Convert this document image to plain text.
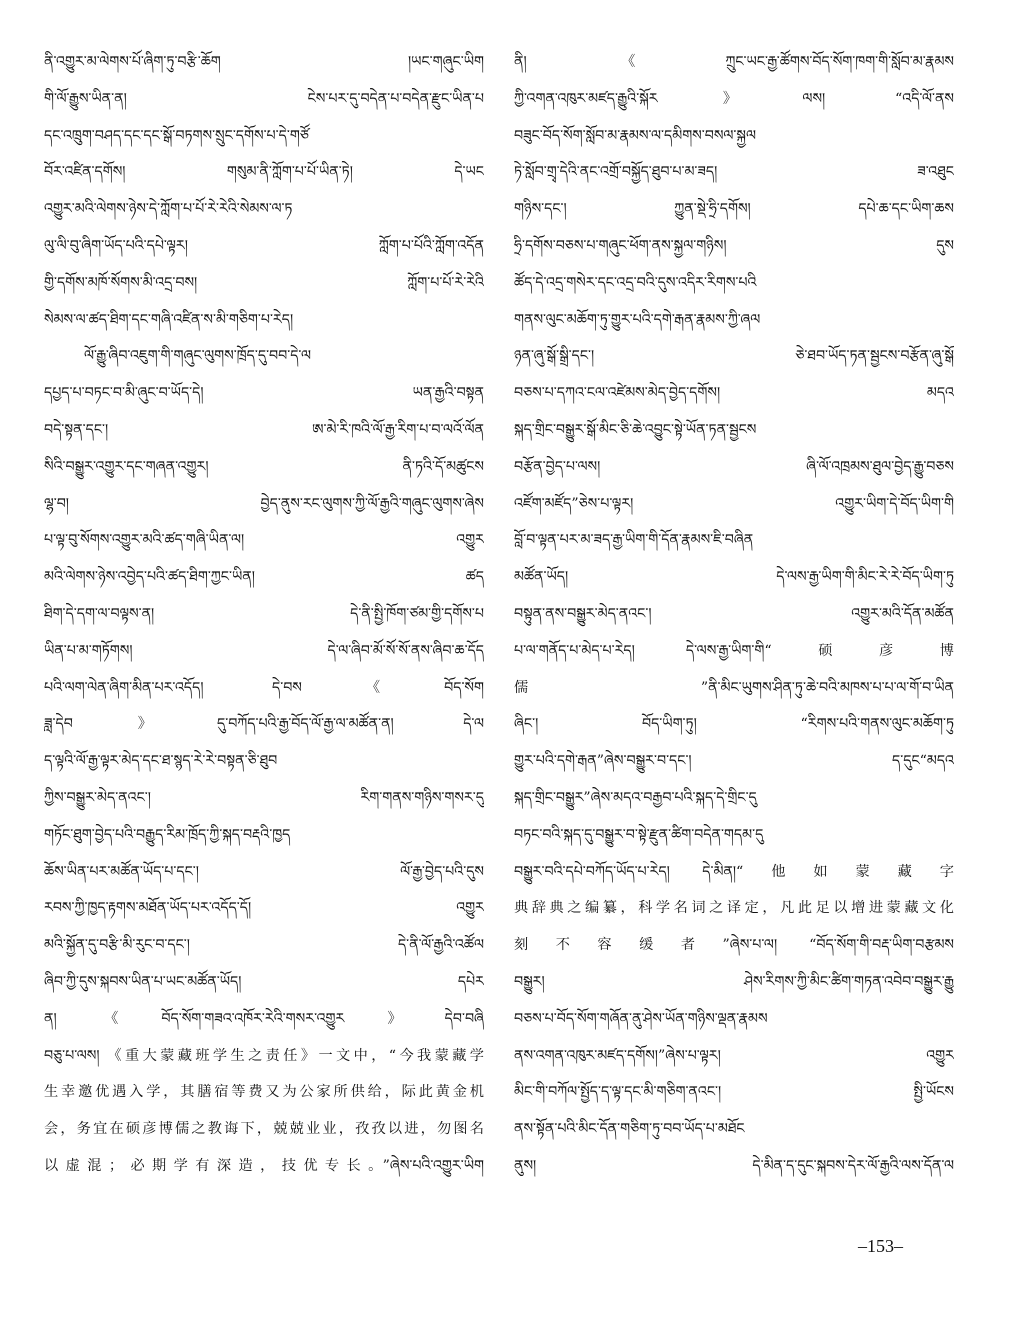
ནི་འགྱུར་མ་ལེགས་པོ་ཞིག་ཏུ་བརྩི་ཆོག །ཡང་གཞུང་ཡིག
གི་ལོ་རྒྱུས་ཡིན་ན། ངེས་པར་དུ་བདེན་པ་བདེན་རྫུང་ཡིན་པ
དང་འཁྲུག་བཤད་དང་དང་སྒོ་བཏགས་སྲུང་དགོས་པ་དེ་གཙོ
བོར་འཛིན་དགོས། གསུམ་ནི་ཀློག་པ་པོ་ཡིན་ཏེ། དེ་ཡང
འགྱུར་མའི་ལེགས་ཉེས་དེ་ཀློག་པ་པོ་རེ་རེའི་སེམས་ལ་ཏ
ལུ་ལི་བུ་ཞིག་ཡོད་པའི་དཔེ་ལྟར། ཀློག་པ་པོའི་ཀློག་འདོན
གྱི་དགོས་མཁོ་སོགས་མི་འདྲ་བས། ཀློག་པ་པོ་རེ་རེའི
སེམས་ལ་ཚད་ཐིག་དང་གཞི་འཛིན་ས་མི་གཅིག་པ་རེད།
ལོ་རྒྱུ་ཞིབ་འཇུག་གི་གཞུང་ལུགས་ཁྲོད་དུ་བབ་དེ་ལ
དཔྱད་པ་བཏང་བ་མི་ཞུང་བ་ཡོད་དེ། ཡན་རྒྱའི་བསྟན
བདེ་སྟན་དང་། ཨ་མེ་རི་ཁའི་ལོ་རྒྱ་རིག་པ་བ་ལའོ་ལོན
སིའི་བསྒྱུར་འགྱུར་དང་གཞན་འགྱུར། ནི་ཏའི་དོ་མཚུངས
ལྷ་བ། བྱེད་ནུས་རང་ལུགས་ཀྱི་ལོ་རྒྱའི་གཞུང་ལུགས་ཞེས
པ་ལྟ་བུ་སོགས་འགྱུར་མའི་ཚད་གཞི་ཡིན་ལ། འགྱུར
མའི་ལེགས་ཉེས་འབྱེད་པའི་ཚད་ཐིག་ཀྱང་ཡིན། ཚད
ཐིག་དེ་དག་ལ་བལྟས་ན། དེ་ནི་སྤྱི་ཁོག་ཙམ་གྱི་དགོས་པ
ཡིན་པ་མ་གཏོགས། དེ་ལ་ཞིབ་མོ་སོ་སོ་ནས་ཞིབ་ཆ་དོད
པའི་ལག་ལེན་ཞིག་མིན་པར་འདོད། དེ་བས《བོད་སོག
ཟླ་དེབ》དུ་བཀོད་པའི་རྒྱ་བོད་ལོ་རྒྱ་ལ་མཚོན་ན། དེ་ལ
ད་ལྟའི་ལོ་རྒྱ་ལྟར་མེད་དང་ཐ་སྙད་རེ་རེ་བསྟན་ཅི་ཐུབ
ཀྱིས་བསྒྱུར་མེད་ནའང་། རིག་གནས་གཉིས་གསར་དུ
གཏོང་ཐུག་བྱེད་པའི་བརྒྱུད་རིམ་ཁྲོད་ཀྱི་སྐད་བརྡའི་ཁྱད
ཆོས་ཡིན་པར་མཚོན་ཡོད་པ་དང་། ལོ་རྒྱ་བྱེད་པའི་དུས
རབས་ཀྱི་ཁྱད་རྟགས་མཐོན་ཡོད་པར་འདོད་དོ། འགྱུར
མའི་སྐྱོན་དུ་བརྩི་མི་རུང་བ་དང་། དེ་ནི་ལོ་རྒྱའི་འཚོལ
ཞིབ་ཀྱི་དུས་སྐབས་ཡིན་པ་ཡང་མཚོན་ཡོད། དཔེར
ན། 《བོད་སོག་གཟའ་འཁོར་རེའི་གསར་འགྱུར》དེབ་བཞི
བཅུ་པ་ལས། 《重大蒙藏班学生之责任》一文中，“今我蒙藏学
生幸邀优遇入学，其膳宿等费又为公家所供给，际此黄金机
会，务宜在硕彦博儒之教诲下，兢兢业业，孜孜以进，勿图名
以虚混；必期学有深造，技优专长。”ཞེས་པའི་འགྱུར་ཡིག
ནི། 《ཀྲུང་ཡང་རྒྱ་ཚོགས་བོད་སོག་ཁག་གི་སློབ་མ་རྣམས
ཀྱི་འགན་འཁུར་མཛད་རྒྱུའི་སྐོར》ལས། “འདི་ལོ་ནས
བཟུང་བོད་སོག་སློབ་མ་རྣམས་ལ་དམིགས་བསལ་སྐྱལ
ཏེ་སློབ་གྲྭ་དེའི་ནང་འགྲོ་བསྐྱོད་ཐུབ་པ་མ་ཟད། ཟ་འཐུང
གཉིས་དང་། ཀྱུན་སྡེ་ཧྲི་དགོས། དཔེ་ཆ་དང་ཡིག་ཆས
ཧྲི་དགོས་བཅས་པ་གཞུང་ཕོག་ནས་སྐྱལ་གཉིས། དུས
ཚོད་དེ་འདྲ་གསེར་དང་འདྲ་བའི་དུས་འདིར་རིགས་པའི
གནས་ལུང་མཆོག་ཏུ་གྱུར་པའི་དགེ་རྒན་རྣམས་ཀྱི་ཞལ
ཉན་ཞུ་སྒོ་སྒྲི་དང་། ཅེ་ཐབ་ཡོད་ཏན་སྦྱངས་བརྩོན་ཞུ་སྒོ
བཅས་པ་དཀའ་ངལ་འཛེམས་མེད་བྱེད་དགོས། མདའ
སྐད་གྲིང་བསྒྱུར་སྒོ་མིང་ཅི་ཆེ་འབྱུང་སྟེ་ཡོན་ཏན་སྦྱངས
བརྩོན་བྱེད་པ་ལས། ཞི་ལོ་འཁྲམས་ཐུལ་བྱེད་རྒྱུ་བཅས
འཛོག་མཛོད”ཅེས་པ་ལྟར། འགྱུར་ཡིག་དེ་བོད་ཡིག་གི
བློ་བ་ལྟན་པར་མ་ཟད་རྒྱ་ཡིག་གི་དོན་རྣམས་ཇི་བཞིན
མཚོན་ཡོད། དེ་ལས་རྒྱ་ཡིག་གི་མིང་རེ་རེ་བོད་ཡིག་ཏུ
བསྟུན་ནས་བསྒྱུར་མེད་ནའང་། འགྱུར་མའི་དོན་མཚོན
པ་ལ་གནོད་པ་མེད་པ་རེད། དེ་ལས་རྒྱ་ཡིག་གི“硕彦博
儒”ནི་མིང་ཡུགས་ཤིན་ཏུ་ཆེ་བའི་མཁས་པ་པ་ལ་གོ་བ་ཡིན
ཞིང་། བོད་ཡིག་ཏུ། “རིགས་པའི་གནས་ལུང་མཆོག་ཏུ
གྱུར་པའི་དགེ་རྒན”ཞེས་བསྒྱུར་བ་དང་། ད་དུང“མདའ
སྐད་གྲིང་བསྒྱུར”ཞེས་མདའ་བརྒྱབ་པའི་སྐད་དེ་གྲིང་དུ
བཏང་བའི་སྐད་དུ་བསྒྱུར་བ་སྟེ་རྫུན་ཚིག་བདེན་གདམ་དུ
བསྒྱུར་བའི་དཔེ་བཀོད་ཡོད་པ་རེད། དེ་མིན།“他如蒙藏字
典辞典之编纂，科学名词之译定，凡此足以增进蒙藏文化
刻不容缓者”ཞེས་པ་ལ། “བོད་སོག་གི་བརྡ་ཡིག་བརྩམས
བསྒྱུར། ཤེས་རིགས་ཀྱི་མིང་ཚིག་གཏན་འབེབ་བསྒྱུར་རྒྱུ
བཅས་པ་བོད་སོག་གཞོན་ནུ་ཤེས་ཡོན་གཉིས་ལྡན་རྣམས
ནས་འགན་འཁུར་མཛད་དགོས།”ཞེས་པ་ལྟར། འགྱུར
མིང་གི་བཀོལ་སྤྱོད་ད་ལྟ་དང་མི་གཅིག་ནའང་། སྤྱི་ཡོངས
ནས་སྟོན་པའི་མིང་དོན་གཅིག་ཏུ་བབ་ཡོད་པ་མཐོང
ནུས། དེ་མིན་ད་དུང་སྐབས་དེར་ལོ་རྒྱའི་ལས་དོན་ལ
–153–
